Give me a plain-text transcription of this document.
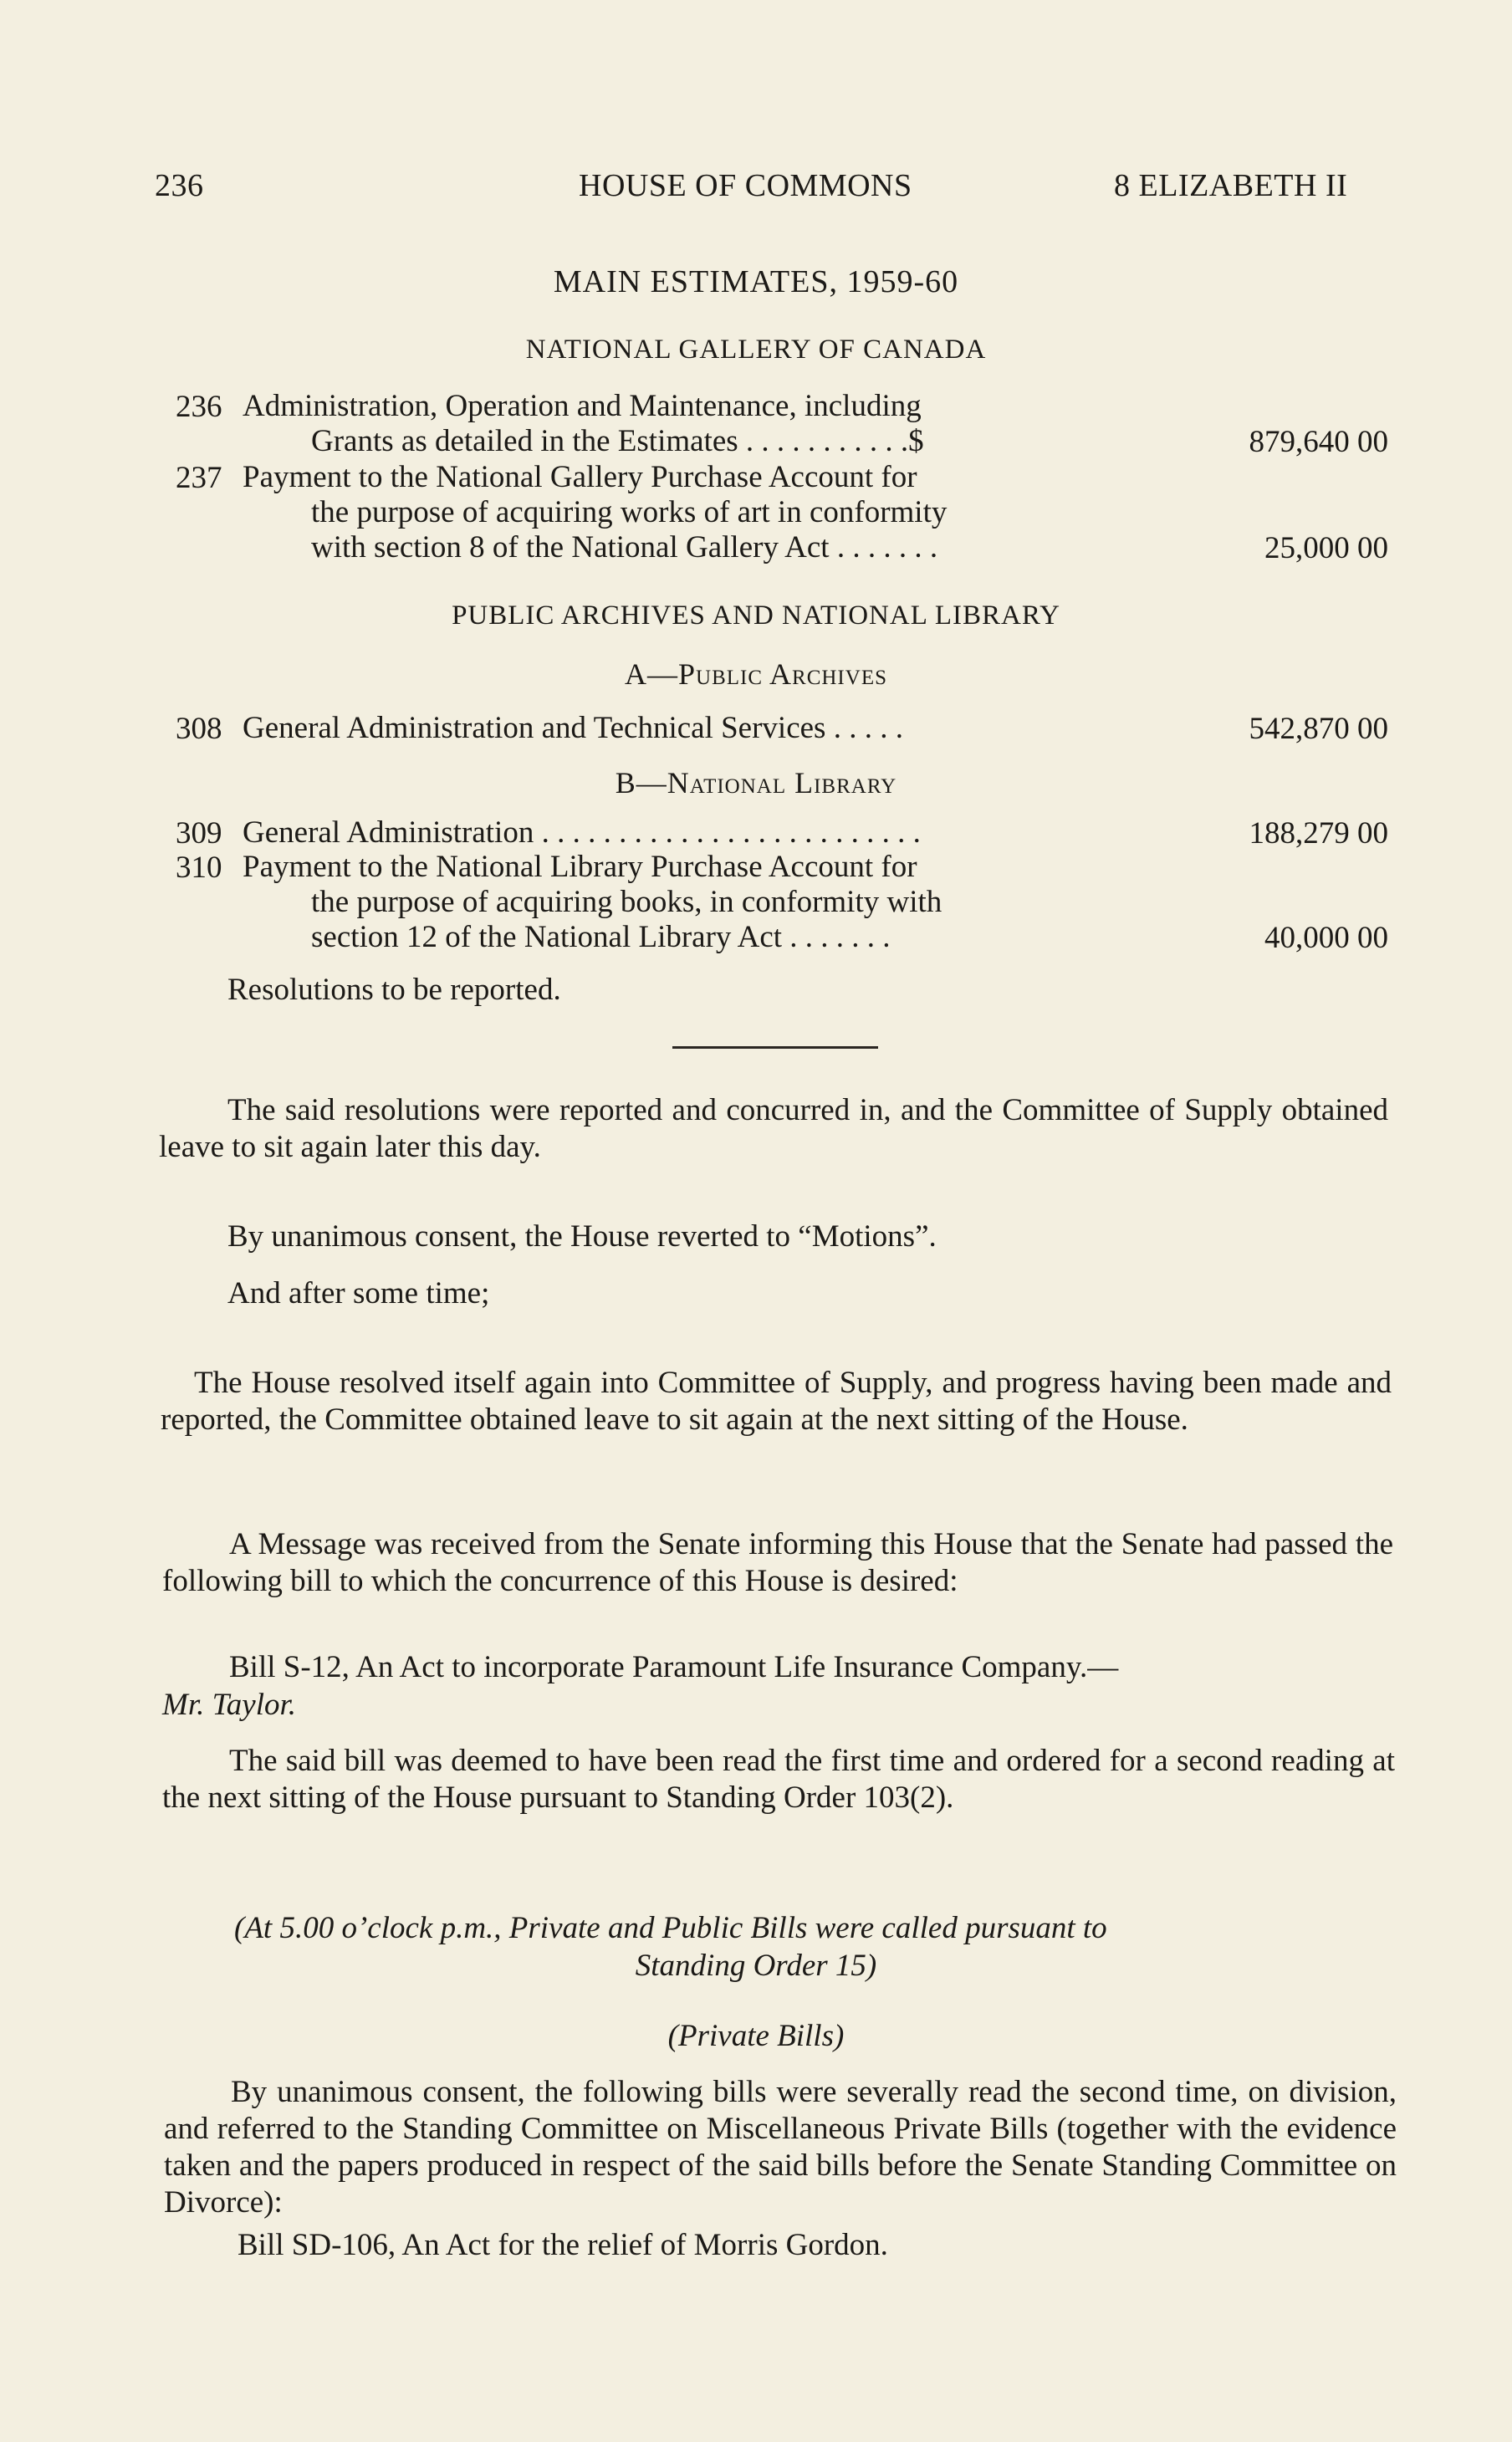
236	HOUSE OF COMMONS	8 ELIZABETH II
MAIN ESTIMATES, 1959-60
NATIONAL GALLERY OF CANADA
236 Administration, Operation and Maintenance, including
Grants as detailed in the Estimates . . . . . . . . . . .$	879,640 00
237 Payment to the National Gallery Purchase Account for
the purpose of acquiring works of art in conformity
with section 8 of the National Gallery Act . . . . . . .	25,000 00
PUBLIC ARCHIVES AND NATIONAL LIBRARY
A—Public Archives
308 General Administration and Technical Services . . . . .	542,870 00
B—National Library
309 General Administration . . . . . . . . . . . . . . . . . . . . . . . . .	188,279 00
310 Payment to the National Library Purchase Account for
the purpose of acquiring books, in conformity with
section 12 of the National Library Act . . . . . . .	40,000 00
Resolutions to be reported.
The said resolutions were reported and concurred in, and the Committee of Supply obtained leave to sit again later this day.
By unanimous consent, the House reverted to “Motions”.
And after some time;
The House resolved itself again into Committee of Supply, and progress having been made and reported, the Committee obtained leave to sit again at the next sitting of the House.
A Message was received from the Senate informing this House that the Senate had passed the following bill to which the concurrence of this House is desired:
Bill S-12, An Act to incorporate Paramount Life Insurance Company.—
Mr. Taylor.
The said bill was deemed to have been read the first time and ordered for a second reading at the next sitting of the House pursuant to Standing Order 103(2).
(At 5.00 o’clock p.m., Private and Public Bills were called pursuant to
Standing Order 15)
(Private Bills)
By unanimous consent, the following bills were severally read the second time, on division, and referred to the Standing Committee on Miscellaneous Private Bills (together with the evidence taken and the papers produced in respect of the said bills before the Senate Standing Committee on Divorce):
Bill SD-106, An Act for the relief of Morris Gordon.
